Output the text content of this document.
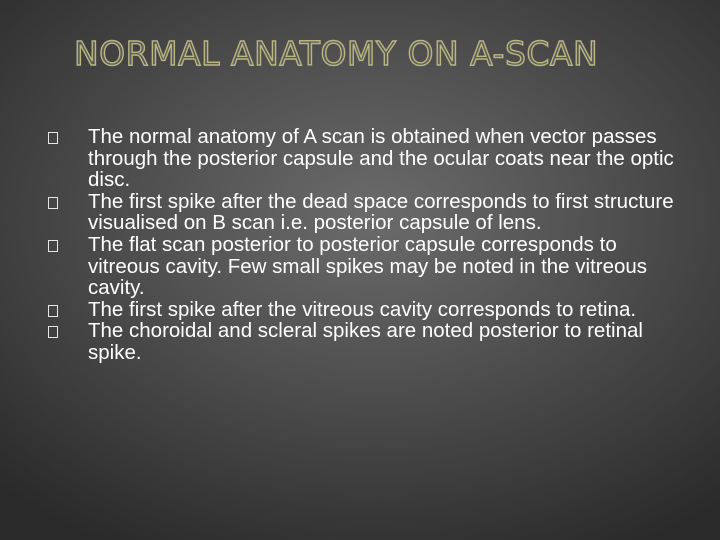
NORMAL ANATOMY ON A-SCAN
The normal anatomy of A scan is obtained when vector passes through the posterior capsule and the ocular coats near the optic disc.
The first spike after the dead space corresponds to first structure visualised on B scan i.e. posterior capsule of lens.
The flat scan posterior to posterior capsule corresponds to vitreous cavity. Few small spikes may be noted in the vitreous cavity.
The first spike after the vitreous cavity corresponds to retina.
The choroidal and scleral spikes are noted posterior to retinal spike.
